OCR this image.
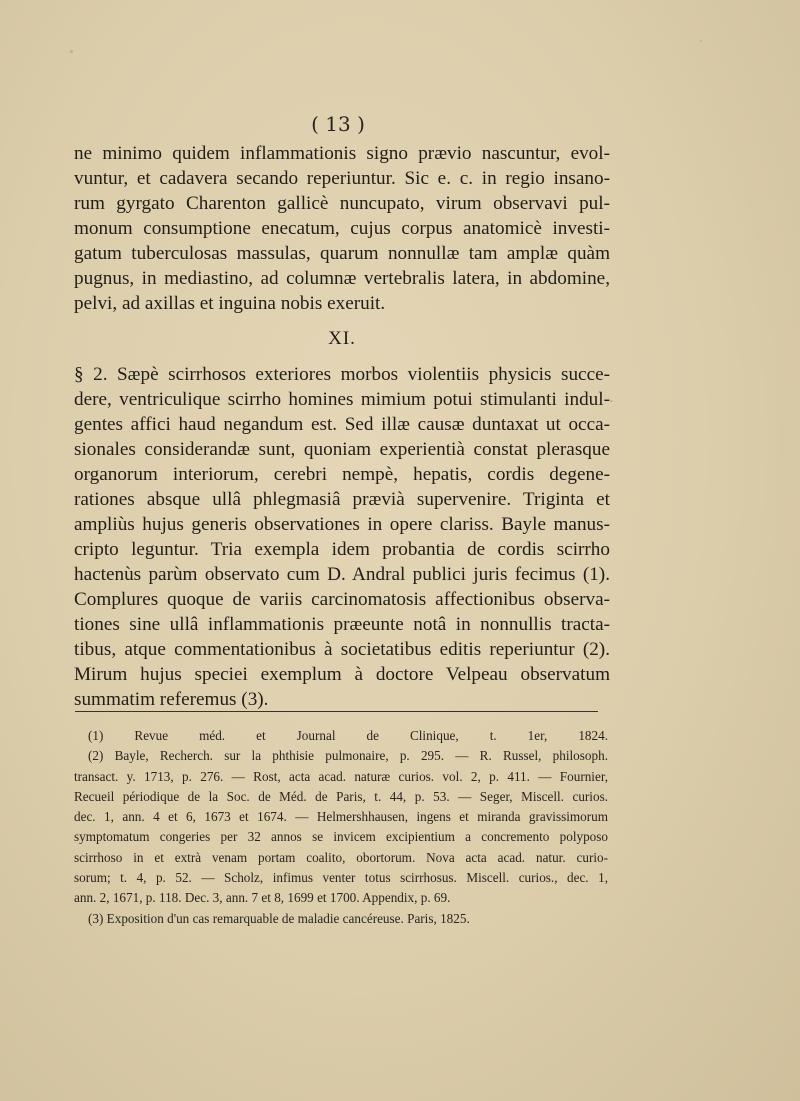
( 13 )
ne minimo quidem inflammationis signo prævio nascuntur, evol-
vuntur, et cadavera secando reperiuntur. Sic e. c. in regio insano-
rum gyrgato Charenton gallicè nuncupato, virum observavi pul-
monum consumptione enecatum, cujus corpus anatomicè investi-
gatum tuberculosas massulas, quarum nonnullæ tam amplæ quàm
pugnus, in mediastino, ad columnæ vertebralis latera, in abdomine,
pelvi, ad axillas et inguina nobis exeruit.
XI.
§ 2. Sæpè scirrhosos exteriores morbos violentiis physicis succe-
dere, ventriculique scirrho homines mimium potui stimulanti indul-
gentes affici haud negandum est. Sed illæ causæ duntaxat ut occa-
sionales considerandæ sunt, quoniam experientià constat plerasque
organorum interiorum, cerebri nempè, hepatis, cordis degene-
rationes absque ullâ phlegmasiâ prævià supervenire. Triginta et
ampliùs hujus generis observationes in opere clariss. Bayle manus-
cripto leguntur. Tria exempla idem probantia de cordis scirrho
hactenùs parùm observato cum D. Andral publici juris fecimus (1).
Complures quoque de variis carcinomatosis affectionibus observa-
tiones sine ullâ inflammationis præeunte notâ in nonnullis tracta-
tibus, atque commentationibus à societatibus editis reperiuntur (2).
Mirum hujus speciei exemplum à doctore Velpeau observatum
summatim referemus (3).
(1) Revue méd. et Journal de Clinique, t. 1er, 1824.
(2) Bayle, Recherch. sur la phthisie pulmonaire, p. 295. — R. Russel, philosoph.
transact. y. 1713, p. 276. — Rost, acta acad. naturæ curios. vol. 2, p. 411. — Fournier,
Recueil périodique de la Soc. de Méd. de Paris, t. 44, p. 53. — Seger, Miscell. curios.
dec. 1, ann. 4 et 6, 1673 et 1674. — Helmershhausen, ingens et miranda gravissimorum
symptomatum congeries per 32 annos se invicem excipientium a concremento polyposo
scirrhoso in et extrà venam portam coalito, obortorum. Nova acta acad. natur. curio-
sorum; t. 4, p. 52. — Scholz, infimus venter totus scirrhosus. Miscell. curios., dec. 1,
ann. 2, 1671, p. 118. Dec. 3, ann. 7 et 8, 1699 et 1700. Appendix, p. 69.
(3) Exposition d'un cas remarquable de maladie cancéreuse. Paris, 1825.
